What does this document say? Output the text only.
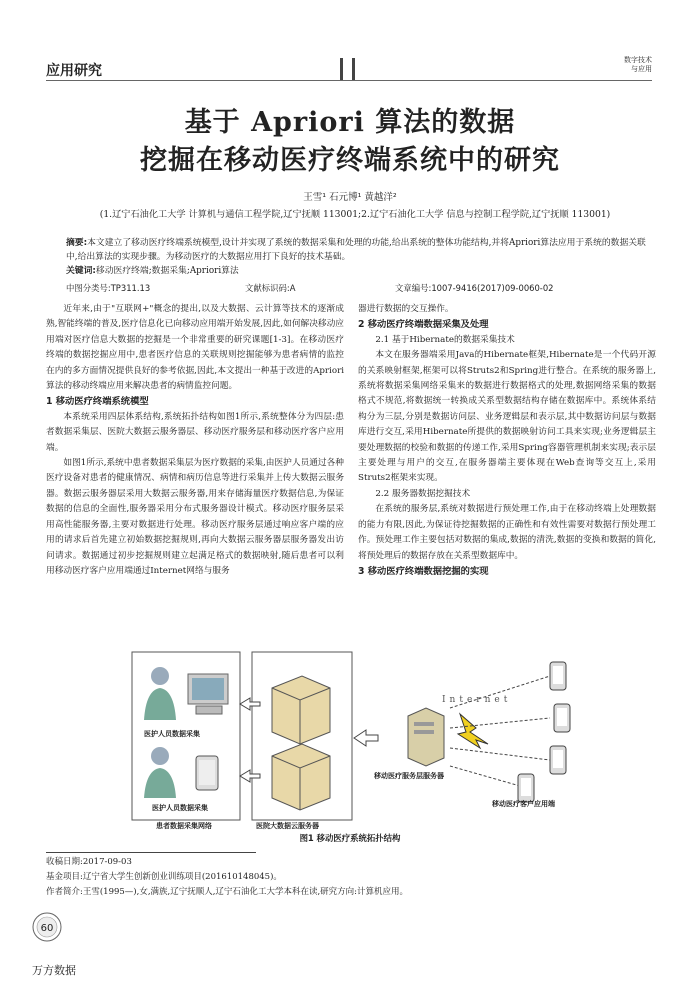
应用研究
数字技术
与应用
基于 Apriori 算法的数据
挖掘在移动医疗终端系统中的研究
王雪¹ 石元博¹ 黄越洋²
(1.辽宁石油化工大学 计算机与通信工程学院,辽宁抚顺 113001;2.辽宁石油化工大学 信息与控制工程学院,辽宁抚顺 113001)
摘要:本文建立了移动医疗终端系统模型,设计并实现了系统的数据采集和处理的功能,给出系统的整体功能结构,并将Apriori算法应用于系统的数据关联中,给出算法的实现步骤。为移动医疗的大数据应用打下良好的技术基础。
关键词:移动医疗终端;数据采集;Apriori算法
中图分类号:TP311.13	文献标识码:A	文章编号:1007-9416(2017)09-0060-02

近年来,由于"互联网+"概念的提出,以及大数据、云计算等技术的逐渐成熟,智能终端的普及,医疗信息化已向移动应用端开始发展,因此,如何解决移动应用端对医疗信息大数据的挖掘是一个非常重要的研究课题[1-3]。在移动医疗终端的数据挖掘应用中,患者医疗信息的关联规则挖掘能够为患者病情的监控在内的多方面情况提供良好的参考依据,因此,本文提出一种基于改进的Apriori算法的移动终端应用来解决患者的病情监控问题。

1 移动医疗终端系统模型

本系统采用四层体系结构,系统拓扑结构如图1所示,系统整体分为四层:患者数据采集层、医院大数据云服务器层、移动医疗服务层和移动医疗客户应用端。

如图1所示,系统中患者数据采集层为医疗数据的采集,由医护人员通过各种医疗设备对患者的健康情况、病情和病历信息等进行采集并上传大数据云服务器。数据云服务器层采用大数据云服务器,用来存储海量医疗数据信息,为保证数据的信息的全面性,服务器采用分布式服务器设计模式。移动医疗服务层采用高性能服务器,主要对数据进行处理。移动医疗服务层通过响应客户端的应用的请求后首先建立初始数据挖掘规则,再向大数据云服务器层服务器发出访问请求。数据通过初步挖掘规则建立起满足格式的数据映射,随后患者可以利用移动医疗客户应用端通过Internet网络与服务

器进行数据的交互操作。

2 移动医疗终端数据采集及处理

2.1 基于Hibernate的数据采集技术

本文在服务器端采用Java的Hibernate框架,Hibernate是一个代码开源的关系映射框架,框架可以将Struts2和Spring进行整合。在系统的服务器上,系统将数据采集网络采集来的数据进行数据格式的处理,数据网络采集的数据格式不规范,将数据统一转换成关系型数据结构存储在数据库中。系统体系结构分为三层,分别是数据访问层、业务逻辑层和表示层,其中数据访问层与数据库进行交互,采用Hibernate所提供的数据映射访问工具来实现;业务逻辑层主要处理数据的校验和数据的传递工作,采用Spring容器管理机制来实现;表示层主要处理与用户的交互,在服务器端主要体现在Web查询等交互上,采用Struts2框架来实现。

2.2 服务器数据挖掘技术

在系统的服务层,系统对数据进行预处理工作,由于在移动终端上处理数据的能力有限,因此,为保证待挖掘数据的正确性和有效性需要对数据行预处理工作。预处理工作主要包括对数据的集成,数据的清洗,数据的变换和数据的简化,将预处理后的数据存放在关系型数据库中。

3 移动医疗终端数据挖掘的实现

医护人员数据采集
医护人员数据采集
患者数据采集网络	医院大数据云服务器
移动医疗服务层服务器
Internet
移动医疗客户应用端
图1 移动医疗系统拓扑结构
收稿日期:2017-09-03
基金项目:辽宁省大学生创新创业训练项目(201610148045)。
作者简介:王雪(1995—),女,满族,辽宁抚顺人,辽宁石油化工大学本科在读,研究方向:计算机应用。
60
万方数据
